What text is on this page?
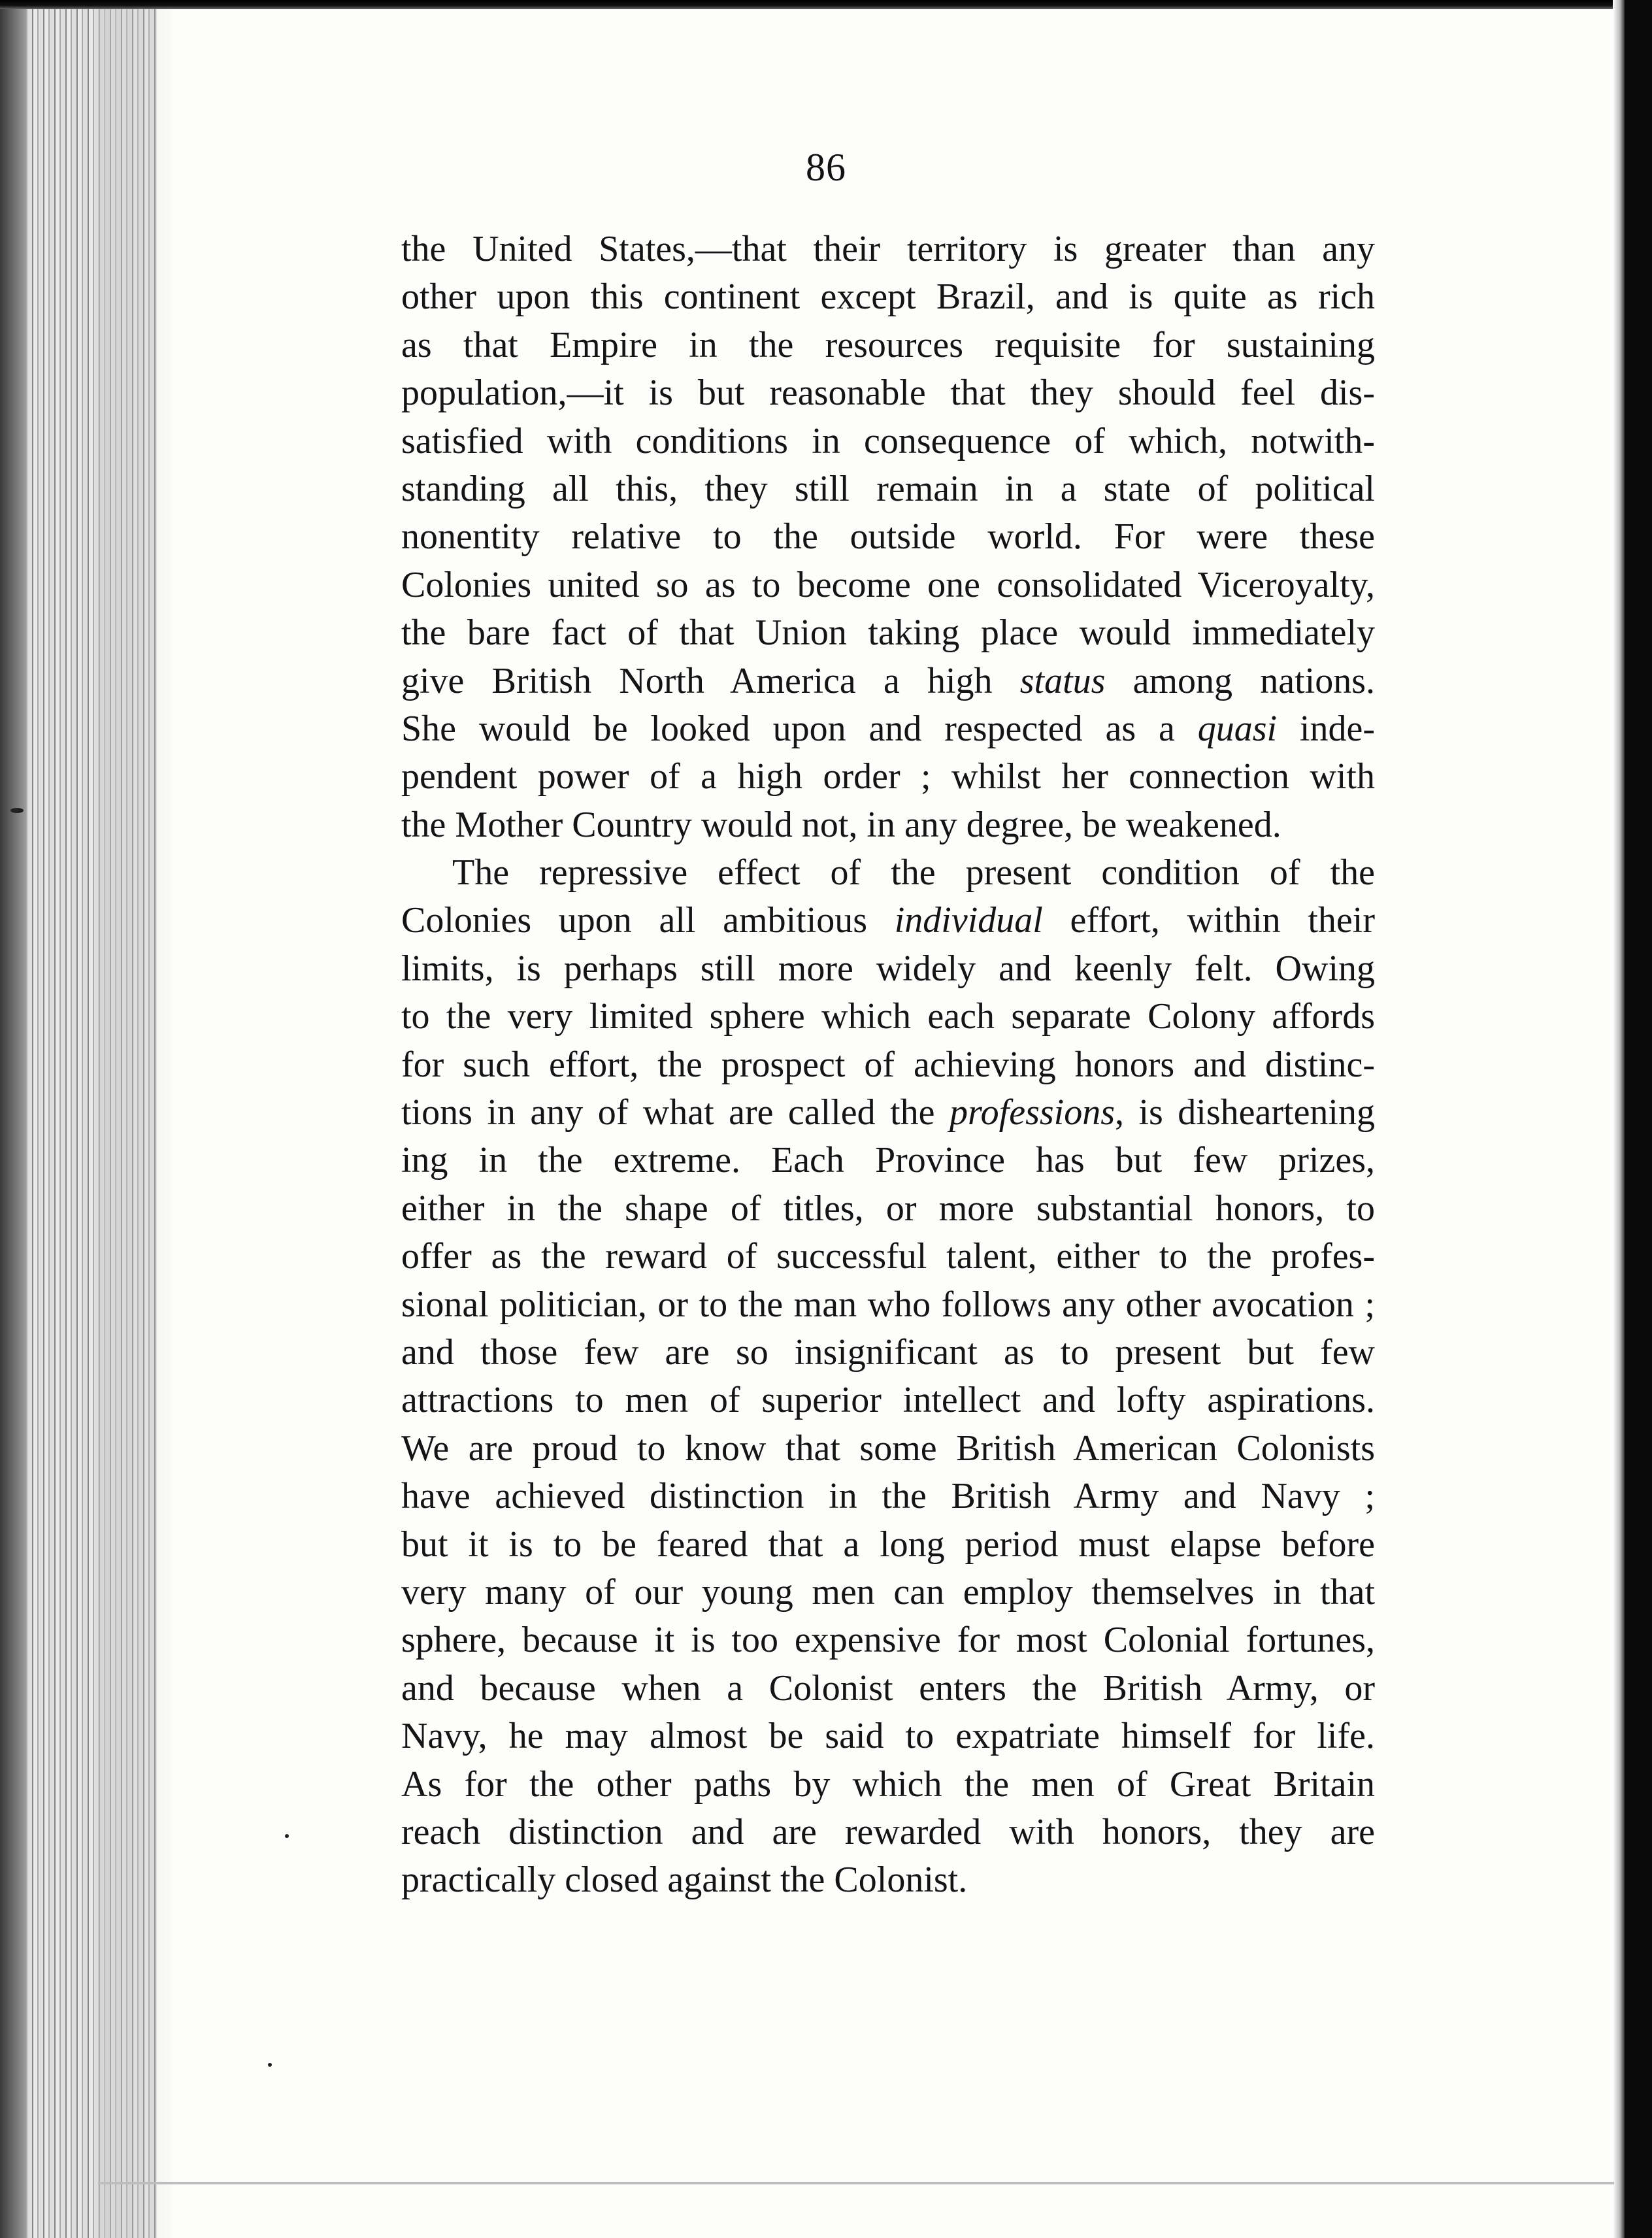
86
the United States,—that their territory is greater than any
other upon this continent except Brazil, and is quite as rich
as that Empire in the resources requisite for sustaining
population,—it is but reasonable that they should feel dis-
satisfied with conditions in consequence of which, notwith-
standing all this, they still remain in a state of political
nonentity relative to the outside world. For were these
Colonies united so as to become one consolidated Viceroyalty,
the bare fact of that Union taking place would immediately
give British North America a high status among nations.
She would be looked upon and respected as a quasi inde-
pendent power of a high order ; whilst her connection with
the Mother Country would not, in any degree, be weakened.
The repressive effect of the present condition of the
Colonies upon all ambitious individual effort, within their
limits, is perhaps still more widely and keenly felt. Owing
to the very limited sphere which each separate Colony affords
for such effort, the prospect of achieving honors and distinc-
tions in any of what are called the professions, is disheartening
ing in the extreme. Each Province has but few prizes,
either in the shape of titles, or more substantial honors, to
offer as the reward of successful talent, either to the profes-
sional politician, or to the man who follows any other avocation ;
and those few are so insignificant as to present but few
attractions to men of superior intellect and lofty aspirations.
We are proud to know that some British American Colonists
have achieved distinction in the British Army and Navy ;
but it is to be feared that a long period must elapse before
very many of our young men can employ themselves in that
sphere, because it is too expensive for most Colonial fortunes,
and because when a Colonist enters the British Army, or
Navy, he may almost be said to expatriate himself for life.
As for the other paths by which the men of Great Britain
reach distinction and are rewarded with honors, they are
practically closed against the Colonist.
